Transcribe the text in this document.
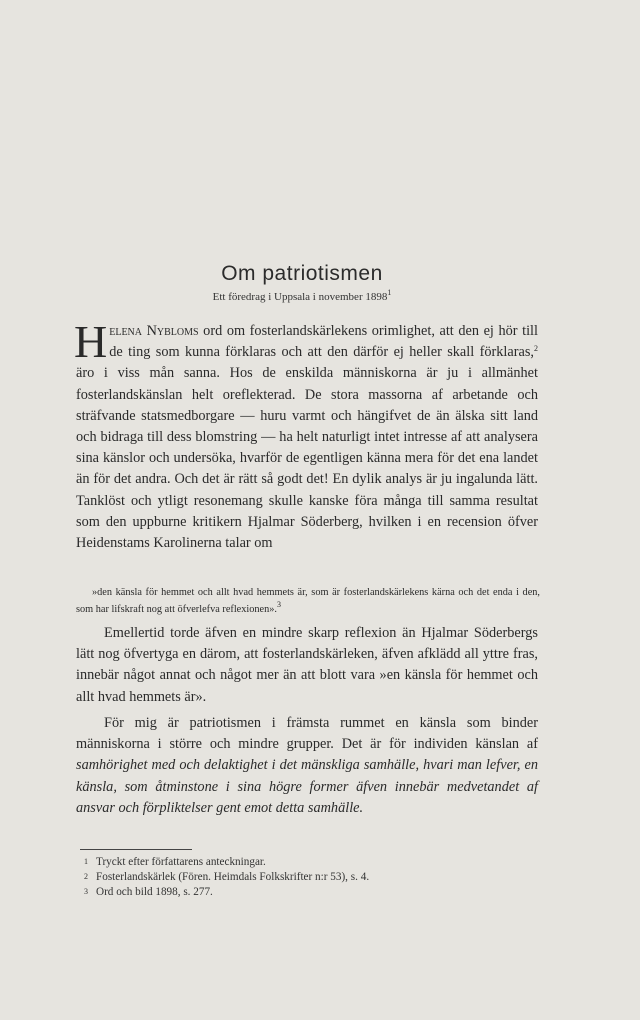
Om patriotismen
Ett föredrag i Uppsala i november 1898$^1$
Helena Nybloms ord om fosterlandskärlekens orimlighet, att den ej hör till de ting som kunna förklaras och att den därför ej heller skall förklaras,$^2$ äro i viss mån sanna. Hos de enskilda människorna är ju i allmänhet fosterlandskänslan helt oreflekterad. De stora massorna af arbetande och sträfvande statsmedborgare — huru varmt och hängifvet de än älska sitt land och bidraga till dess blomstring — ha helt naturligt intet intresse af att analysera sina känslor och undersöka, hvarför de egentligen känna mera för det ena landet än för det andra. Och det är rätt så godt det! En dylik analys är ju ingalunda lätt. Tanklöst och ytligt resonemang skulle kanske föra många till samma resultat som den uppburne kritikern Hjalmar Söderberg, hvilken i en recension öfver Heidenstams Karolinerna talar om
»den känsla för hemmet och allt hvad hemmets är, som är fosterlandskärlekens kärna och det enda i den, som har lifskraft nog att öfverlefva reflexionen».$^3$
Emellertid torde äfven en mindre skarp reflexion än Hjalmar Söderbergs lätt nog öfvertyga en därom, att fosterlandskärleken, äfven afklädd all yttre fras, innebär något annat och något mer än att blott vara »en känsla för hemmet och allt hvad hemmets är».
För mig är patriotismen i främsta rummet en känsla som binder människorna i större och mindre grupper. Det är för individen känslan af samhörighet med och delaktighet i det mänskliga samhälle, hvari man lefver, en känsla, som åtminstone i sina högre former äfven innebär medvetandet af ansvar och förpliktelser gent emot detta samhälle.
1 Tryckt efter författarens anteckningar.
2 Fosterlandskärlek (Fören. Heimdals Folkskrifter n:r 53), s. 4.
3 Ord och bild 1898, s. 277.
